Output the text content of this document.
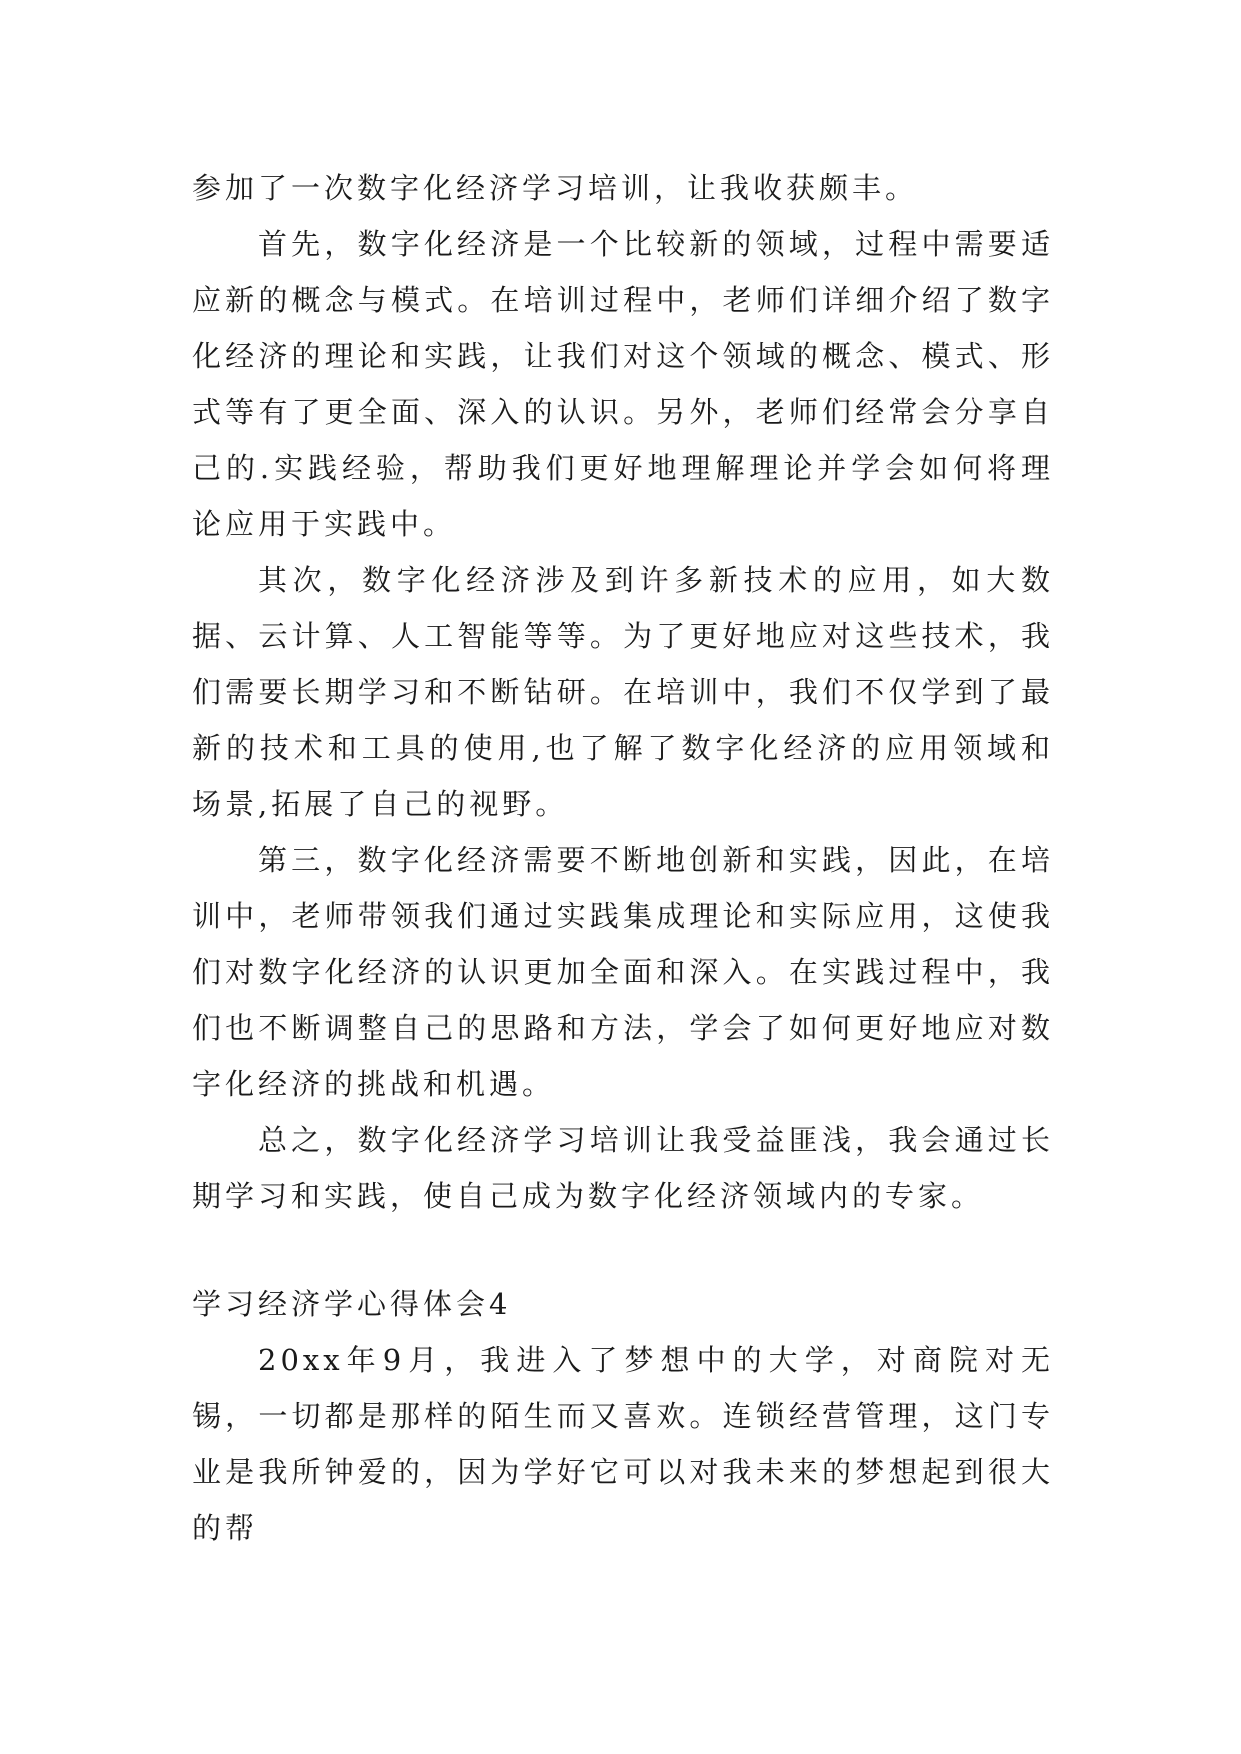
参加了一次数字化经济学习培训，让我收获颇丰。

首先，数字化经济是一个比较新的领域，过程中需要适应新的概念与模式。在培训过程中，老师们详细介绍了数字化经济的理论和实践，让我们对这个领域的概念、模式、形式等有了更全面、深入的认识。另外，老师们经常会分享自己的.实践经验，帮助我们更好地理解理论并学会如何将理论应用于实践中。

其次，数字化经济涉及到许多新技术的应用，如大数据、云计算、人工智能等等。为了更好地应对这些技术，我们需要长期学习和不断钻研。在培训中，我们不仅学到了最新的技术和工具的使用,也了解了数字化经济的应用领域和场景,拓展了自己的视野。

第三，数字化经济需要不断地创新和实践，因此，在培训中，老师带领我们通过实践集成理论和实际应用，这使我们对数字化经济的认识更加全面和深入。在实践过程中，我们也不断调整自己的思路和方法，学会了如何更好地应对数字化经济的挑战和机遇。

总之，数字化经济学习培训让我受益匪浅，我会通过长期学习和实践，使自己成为数字化经济领域内的专家。

学习经济学心得体会4

20xx年9月，我进入了梦想中的大学，对商院对无锡，一切都是那样的陌生而又喜欢。连锁经营管理，这门专业是我所钟爱的，因为学好它可以对我未来的梦想起到很大的帮
